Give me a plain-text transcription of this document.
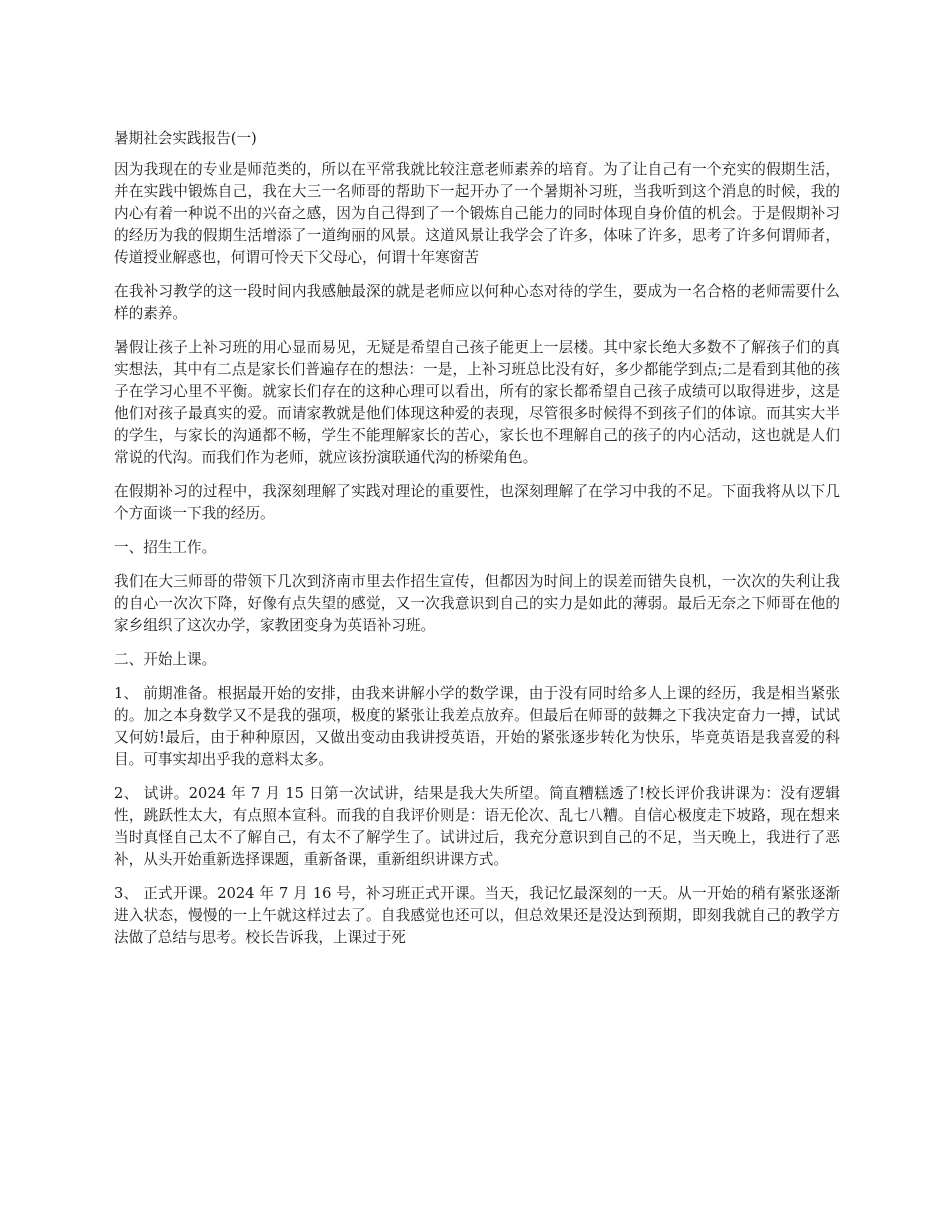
暑期社会实践报告(一)

因为我现在的专业是师范类的，所以在平常我就比较注意老师素养的培育。为了让自己有一个充实的假期生活，并在实践中锻炼自己，我在大三一名师哥的帮助下一起开办了一个暑期补习班，当我听到这个消息的时候，我的内心有着一种说不出的兴奋之感，因为自己得到了一个锻炼自己能力的同时体现自身价值的机会。于是假期补习的经历为我的假期生活增添了一道绚丽的风景。这道风景让我学会了许多，体味了许多，思考了许多何谓师者，传道授业解惑也，何谓可怜天下父母心，何谓十年寒窗苦

在我补习教学的这一段时间内我感触最深的就是老师应以何种心态对待的学生，要成为一名合格的老师需要什么样的素养。

暑假让孩子上补习班的用心显而易见，无疑是希望自己孩子能更上一层楼。其中家长绝大多数不了解孩子们的真实想法，其中有二点是家长们普遍存在的想法：一是，上补习班总比没有好，多少都能学到点;二是看到其他的孩子在学习心里不平衡。就家长们存在的这种心理可以看出，所有的家长都希望自己孩子成绩可以取得进步，这是他们对孩子最真实的爱。而请家教就是他们体现这种爱的表现，尽管很多时候得不到孩子们的体谅。而其实大半的学生，与家长的沟通都不畅，学生不能理解家长的苦心，家长也不理解自己的孩子的内心活动，这也就是人们常说的代沟。而我们作为老师，就应该扮演联通代沟的桥梁角色。

在假期补习的过程中，我深刻理解了实践对理论的重要性，也深刻理解了在学习中我的不足。下面我将从以下几个方面谈一下我的经历。

一、招生工作。

我们在大三师哥的带领下几次到济南市里去作招生宣传，但都因为时间上的误差而错失良机，一次次的失利让我的自心一次次下降，好像有点失望的感觉，又一次我意识到自己的实力是如此的薄弱。最后无奈之下师哥在他的家乡组织了这次办学，家教团变身为英语补习班。

二、开始上课。

1、 前期准备。根据最开始的安排，由我来讲解小学的数学课，由于没有同时给多人上课的经历，我是相当紧张的。加之本身数学又不是我的强项，极度的紧张让我差点放弃。但最后在师哥的鼓舞之下我决定奋力一搏，试试又何妨!最后，由于种种原因，又做出变动由我讲授英语，开始的紧张逐步转化为快乐，毕竟英语是我喜爱的科目。可事实却出乎我的意料太多。

2、 试讲。2024 年 7 月 15 日第一次试讲，结果是我大失所望。简直糟糕透了!校长评价我讲课为：没有逻辑性，跳跃性太大，有点照本宣科。而我的自我评价则是：语无伦次、乱七八糟。自信心极度走下坡路，现在想来当时真怪自己太不了解自己，有太不了解学生了。试讲过后，我充分意识到自己的不足，当天晚上，我进行了恶补，从头开始重新选择课题，重新备课，重新组织讲课方式。

3、 正式开课。2024 年 7 月 16 号，补习班正式开课。当天，我记忆最深刻的一天。从一开始的稍有紧张逐渐进入状态，慢慢的一上午就这样过去了。自我感觉也还可以，但总效果还是没达到预期，即刻我就自己的教学方法做了总结与思考。校长告诉我，上课过于死
